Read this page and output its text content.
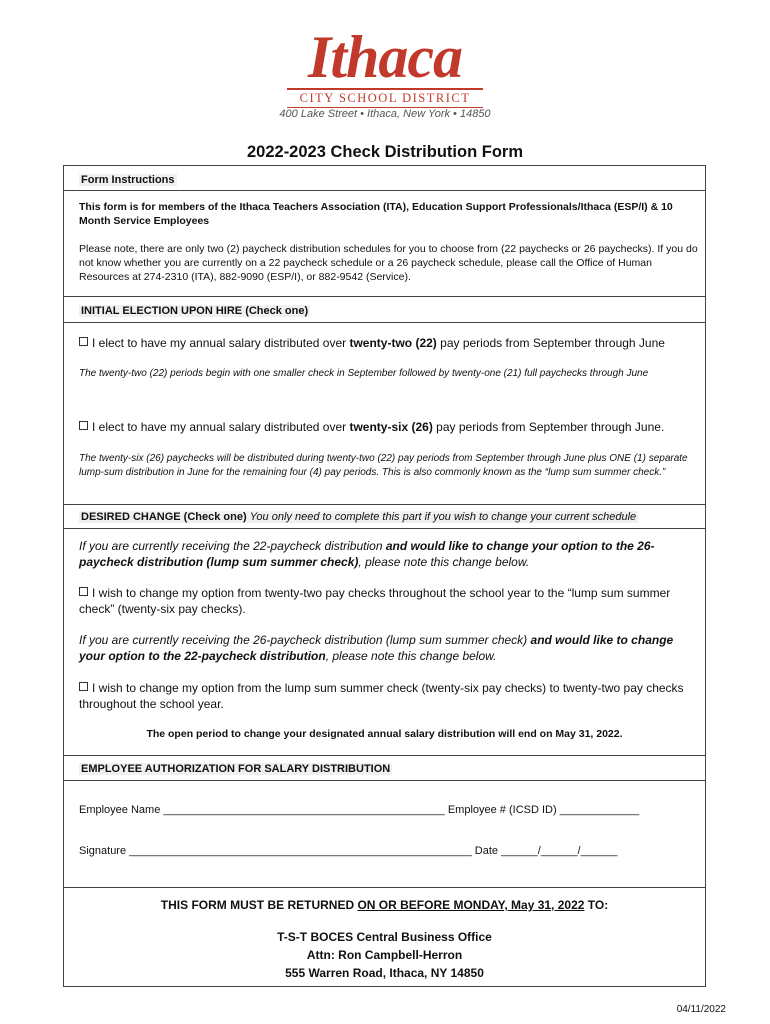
Ithaca
CITY SCHOOL DISTRICT
400 Lake Street • Ithaca, New York • 14850
2022-2023 Check Distribution Form
Form Instructions
This form is for members of the Ithaca Teachers Association (ITA), Education Support Professionals/Ithaca (ESP/I) & 10 Month Service Employees
Please note, there are only two (2) paycheck distribution schedules for you to choose from (22 paychecks or 26 paychecks). If you do not know whether you are currently on a 22 paycheck schedule or a 26 paycheck schedule, please call the Office of Human Resources at 274-2310 (ITA), 882-9090 (ESP/I), or 882-9542 (Service).
INITIAL ELECTION UPON HIRE (Check one)
I elect to have my annual salary distributed over twenty-two (22) pay periods from September through June
The twenty-two (22) periods begin with one smaller check in September followed by twenty-one (21) full paychecks through June
I elect to have my annual salary distributed over twenty-six (26) pay periods from September through June.
The twenty-six (26) paychecks will be distributed during twenty-two (22) pay periods from September through June plus ONE (1) separate lump-sum distribution in June for the remaining four (4) pay periods. This is also commonly known as the “lump sum summer check.”
DESIRED CHANGE (Check one) You only need to complete this part if you wish to change your current schedule
If you are currently receiving the 22-paycheck distribution and would like to change your option to the 26- paycheck distribution (lump sum summer check), please note this change below.
I wish to change my option from twenty-two pay checks throughout the school year to the “lump sum summer check” (twenty-six pay checks).
If you are currently receiving the 26-paycheck distribution (lump sum summer check) and would like to change your option to the 22-paycheck distribution, please note this change below.
I wish to change my option from the lump sum summer check (twenty-six pay checks) to twenty-two pay checks throughout the school year.
The open period to change your designated annual salary distribution will end on May 31, 2022.
EMPLOYEE AUTHORIZATION FOR SALARY DISTRIBUTION
Employee Name ______________________________________________ Employee # (ICSD ID) _____________
Signature ________________________________________________________ Date ______/______/______
THIS FORM MUST BE RETURNED ON OR BEFORE MONDAY, May 31, 2022 TO:
T-S-T BOCES Central Business Office
Attn: Ron Campbell-Herron
555 Warren Road, Ithaca, NY 14850
04/11/2022
